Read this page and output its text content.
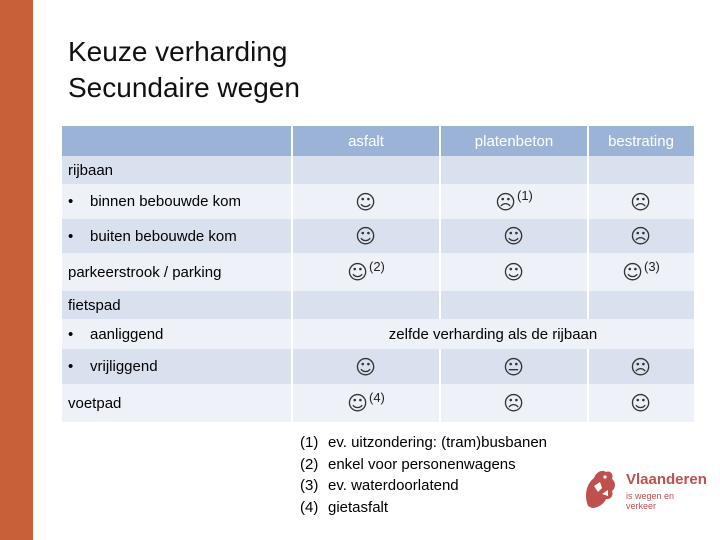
Keuze verharding
Secundaire wegen
asfalt	platenbeton	bestrating
rijbaan
•	binnen bebouwde kom	☺	☹ (1)	☹
•	buiten bebouwde kom	☺	☺	☹
parkeerstrook / parking	☺ (2)	☺	☺ (3)
fietspad
•	aanliggend	zelfde verharding als de rijbaan
•	vrijliggend	☺	😐	☹
voetpad	☺ (4)	☹	☺
(1) ev. uitzondering: (tram)busbanen
(2) enkel voor personenwagens
(3) ev. waterdoorlatend
(4) gietasfalt
Vlaanderen
is wegen en verkeer
